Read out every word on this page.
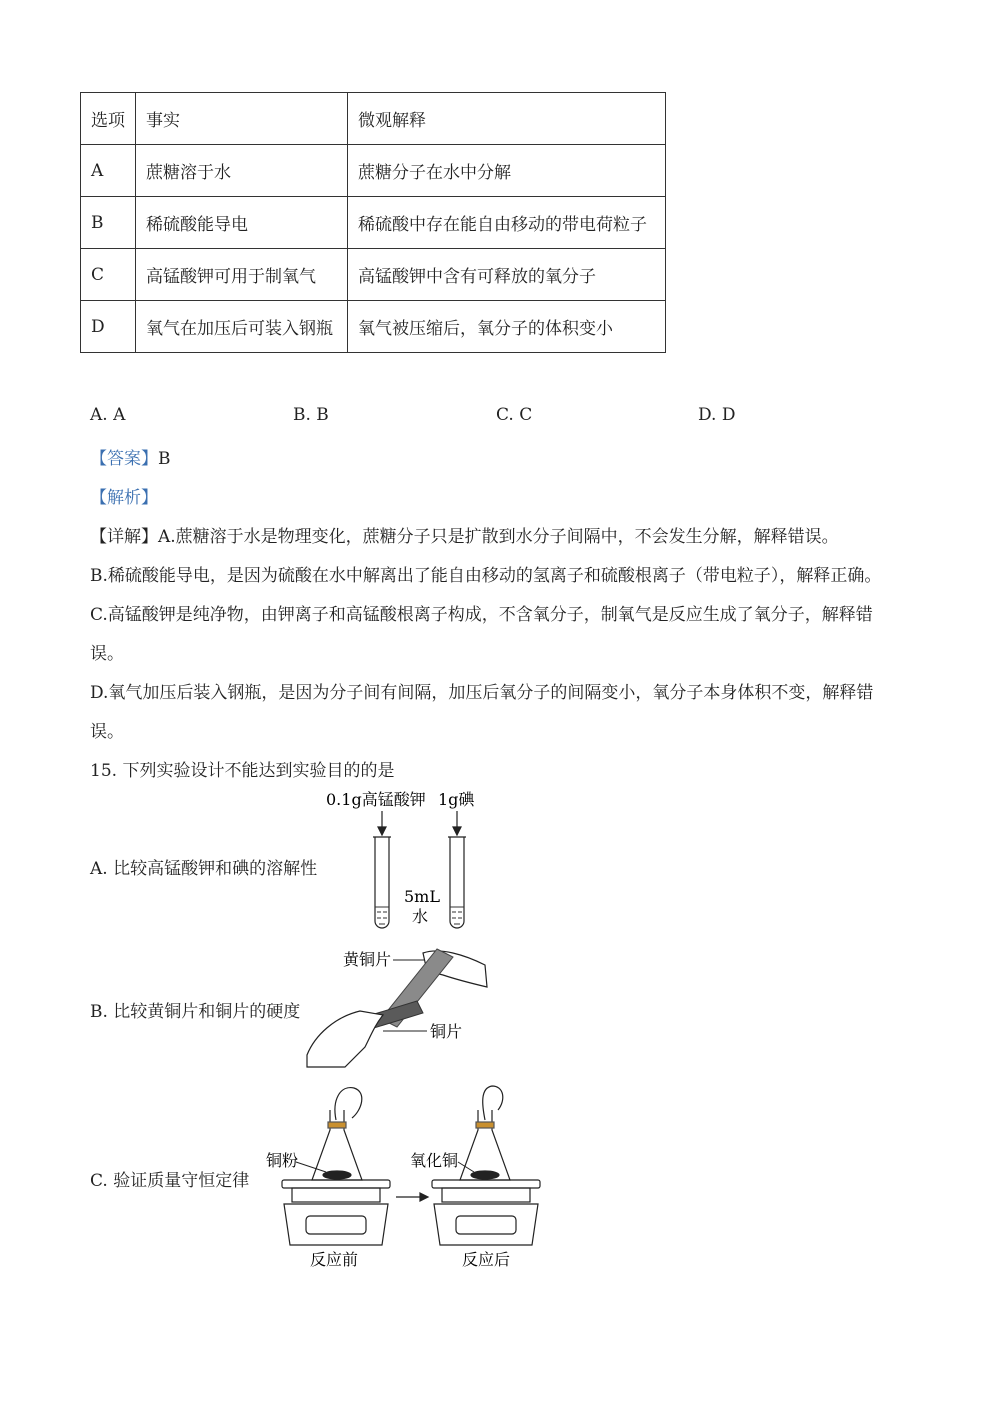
选项	事实	微观解释
A	蔗糖溶于水	蔗糖分子在水中分解
B	稀硫酸能导电	稀硫酸中存在能自由移动的带电荷粒子
C	高锰酸钾可用于制氧气	高锰酸钾中含有可释放的氧分子
D	氧气在加压后可装入钢瓶	氧气被压缩后，氧分子的体积变小
A. A	B. B	C. C	D. D
【答案】B
【解析】
【详解】A.蔗糖溶于水是物理变化，蔗糖分子只是扩散到水分子间隔中，不会发生分解，解释错误。
B.稀硫酸能导电，是因为硫酸在水中解离出了能自由移动的氢离子和硫酸根离子（带电粒子），解释正确。
C.高锰酸钾是纯净物，由钾离子和高锰酸根离子构成，不含氧分子，制氧气是反应生成了氧分子，解释错
误。
D.氧气加压后装入钢瓶，是因为分子间有间隔，加压后氧分子的间隔变小，氧分子本身体积不变，解释错
误。
15. 下列实验设计不能达到实验目的的是
A. 比较高锰酸钾和碘的溶解性
B. 比较黄铜片和铜片的硬度
C. 验证质量守恒定律
0.1g高锰酸钾 1g碘
5mL
水
黄铜片
铜片
铜粉
反应前
氧化铜
反应后
